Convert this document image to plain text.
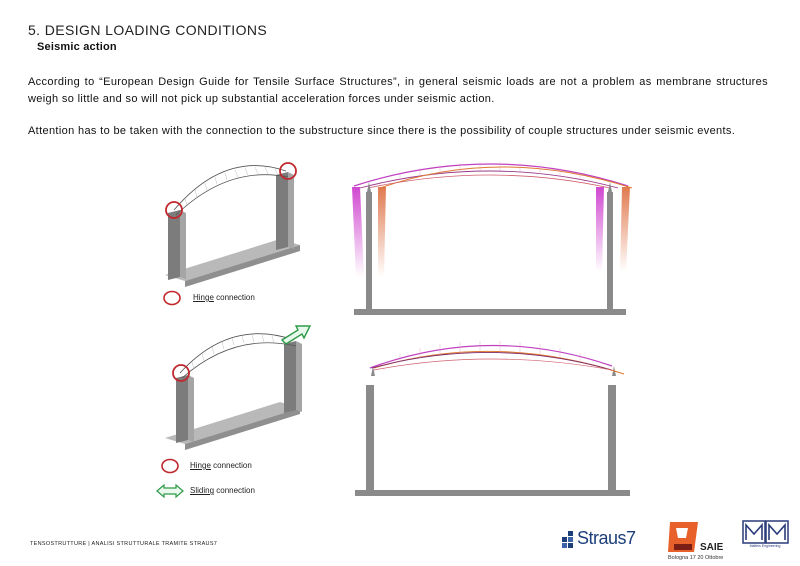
5. DESIGN LOADING CONDITIONS
Seismic action
According to “European Design Guide for Tensile Surface Structures”, in general seismic loads are not a problem as membrane structures weigh so little and so will not pick up substantial acceleration forces under seismic action.
Attention has to be taken with the connection to the substructure since there is the possibility of couple structures under seismic events.
Hinge connection
Hinge connection
Sliding connection
TENSOSTRUTTURE | ANALISI STRUTTURALE TRAMITE STRAUS7	Straus7	SAIE
Bologna 17 20 Ottobre
Maffeis Engineering
